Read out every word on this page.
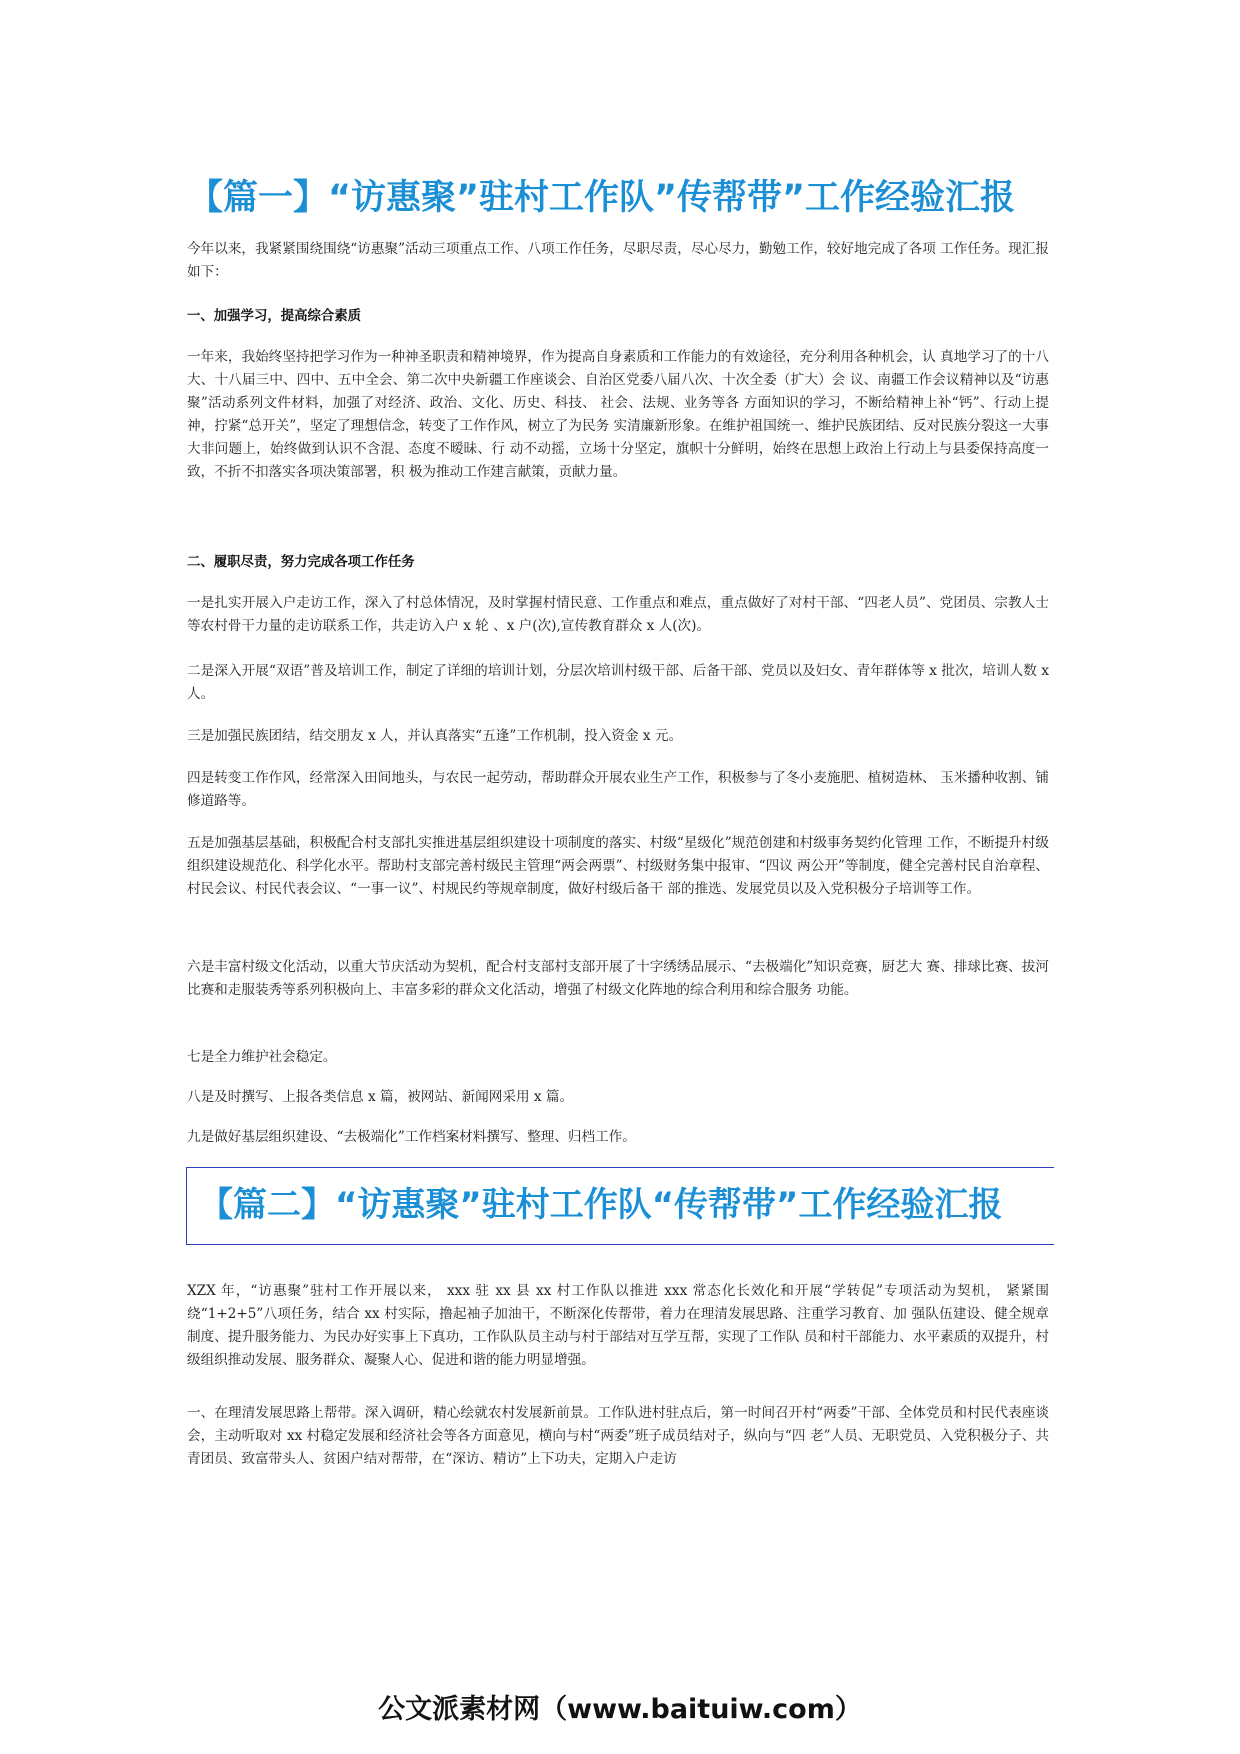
【篇一】“访惠聚”驻村工作队”传帮带”工作经验汇报

今年以来，我紧紧围绕围绕“访惠聚”活动三项重点工作、八项工作任务，尽职尽责，尽心尽力，勤勉工作，较好地完成了各项 工作任务。现汇报如下：

一、加强学习，提高综合素质

一年来，我始终坚持把学习作为一种神圣职责和精神境界，作为提高自身素质和工作能力的有效途径，充分利用各种机会，认 真地学习了的十八大、十八届三中、四中、五中全会、第二次中央新疆工作座谈会、自治区党委八届八次、十次全委（扩大）会 议、南疆工作会议精神以及“访惠聚”活动系列文件材料，加强了对经济、政治、文化、历史、科技、 社会、法规、业务等各 方面知识的学习，不断给精神上补“钙”、行动上提神，拧紧“总开关”，坚定了理想信念，转变了工作作风，树立了为民务 实清廉新形象。在维护祖国统一、维护民族团结、反对民族分裂这一大事大非问题上，始终做到认识不含混、态度不暧昧、行 动不动摇，立场十分坚定，旗帜十分鲜明，始终在思想上政治上行动上与县委保持高度一致，不折不扣落实各项决策部署，积 极为推动工作建言献策，贡献力量。

二、履职尽责，努力完成各项工作任务

一是扎实开展入户走访工作，深入了村总体情况，及时掌握村情民意、工作重点和难点，重点做好了对村干部、“四老人员”、党团员、宗教人士等农村骨干力量的走访联系工作，共走访入户 x 轮 、x 户(次),宣传教育群众 x 人(次)。

二是深入开展“双语”普及培训工作，制定了详细的培训计划，分层次培训村级干部、后备干部、党员以及妇女、青年群体等 x 批次，培训人数 x 人。

三是加强民族团结，结交朋友 x 人，并认真落实“五逢”工作机制，投入资金 x 元。

四是转变工作作风，经常深入田间地头，与农民一起劳动，帮助群众开展农业生产工作，积极参与了冬小麦施肥、植树造林、 玉米播种收割、铺修道路等。

五是加强基层基础，积极配合村支部扎实推进基层组织建设十项制度的落实、村级“星级化”规范创建和村级事务契约化管理 工作，不断提升村级组织建设规范化、科学化水平。帮助村支部完善村级民主管理“两会两票”、村级财务集中报审、“四议 两公开”等制度，健全完善村民自治章程、村民会议、村民代表会议、“一事一议”、村规民约等规章制度，做好村级后备干 部的推选、发展党员以及入党积极分子培训等工作。

六是丰富村级文化活动，以重大节庆活动为契机，配合村支部村支部开展了十字绣绣品展示、“去极端化”知识竞赛，厨艺大 赛、排球比赛、拔河比赛和走服装秀等系列积极向上、丰富多彩的群众文化活动，增强了村级文化阵地的综合利用和综合服务 功能。

七是全力维护社会稳定。

八是及时撰写、上报各类信息 x 篇，被网站、新闻网采用 x 篇。

九是做好基层组织建设、“去极端化”工作档案材料撰写、整理、归档工作。

【篇二】“访惠聚”驻村工作队“传帮带”工作经验汇报

XZX 年，“访惠聚”驻村工作开展以来， xxx 驻 xx 县 xx 村工作队以推进 xxx 常态化长效化和开展“学转促”专项活动为契机， 紧紧围绕“1+2+5”八项任务，结合 xx 村实际，撸起袖子加油干，不断深化传帮带，着力在理清发展思路、注重学习教育、加 强队伍建设、健全规章制度、提升服务能力、为民办好实事上下真功，工作队队员主动与村于部结对互学互帮，实现了工作队 员和村干部能力、水平素质的双提升，村级组织推动发展、服务群众、凝聚人心、促进和谐的能力明显增强。

一、在理清发展思路上帮带。深入调研，精心绘就农村发展新前景。工作队进村驻点后，第一时间召开村“两委”干部、全体党员和村民代表座谈会，主动听取对 xx 村稳定发展和经济社会等各方面意见，横向与村“两委”班子成员结对子，纵向与“四 老”人员、无职党员、入党积极分子、共青团员、致富带头人、贫困户结对帮带，在“深访、精访”上下功夫，定期入户走访

公文派素材网（www.baituiw.com）
